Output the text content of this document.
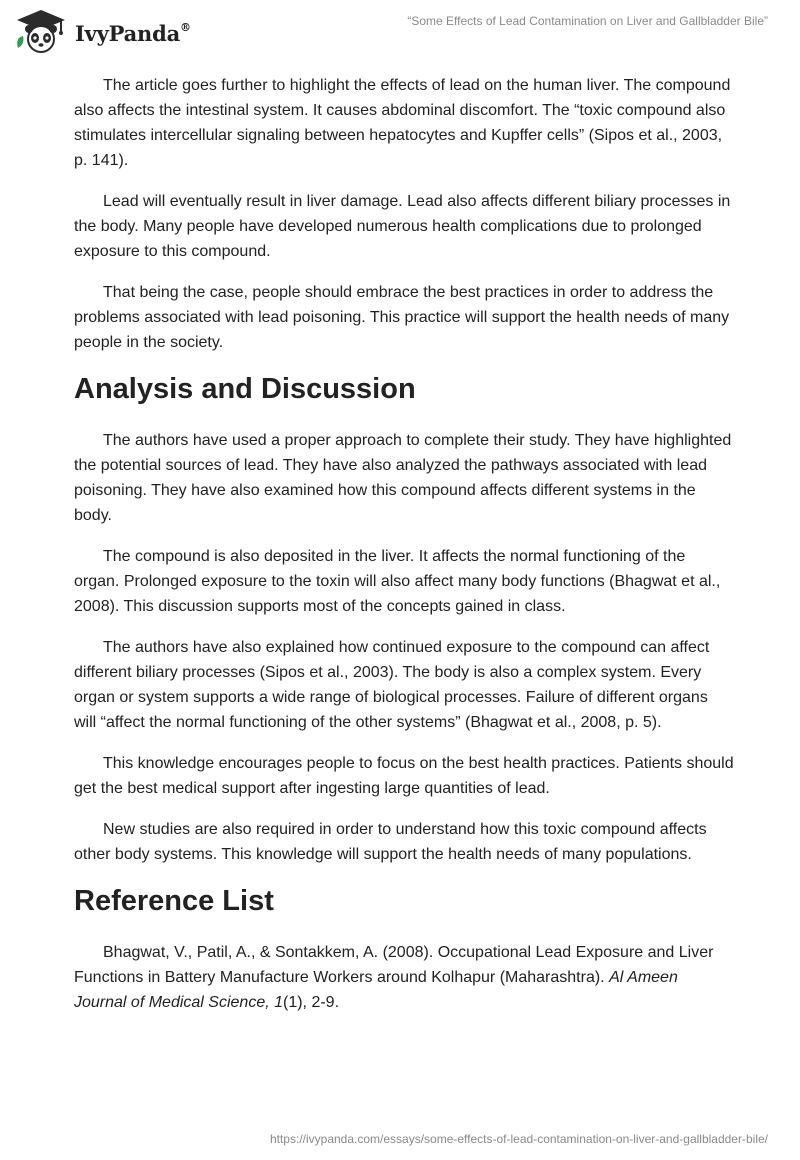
IvyPanda®	“Some Effects of Lead Contamination on Liver and Gallbladder Bile”

The article goes further to highlight the effects of lead on the human liver. The compound also affects the intestinal system. It causes abdominal discomfort. The “toxic compound also stimulates intercellular signaling between hepatocytes and Kupffer cells” (Sipos et al., 2003, p. 141).

Lead will eventually result in liver damage. Lead also affects different biliary processes in the body. Many people have developed numerous health complications due to prolonged exposure to this compound.

That being the case, people should embrace the best practices in order to address the problems associated with lead poisoning. This practice will support the health needs of many people in the society.

Analysis and Discussion

The authors have used a proper approach to complete their study. They have highlighted the potential sources of lead. They have also analyzed the pathways associated with lead poisoning. They have also examined how this compound affects different systems in the body.

The compound is also deposited in the liver. It affects the normal functioning of the organ. Prolonged exposure to the toxin will also affect many body functions (Bhagwat et al., 2008). This discussion supports most of the concepts gained in class.

The authors have also explained how continued exposure to the compound can affect different biliary processes (Sipos et al., 2003). The body is also a complex system. Every organ or system supports a wide range of biological processes. Failure of different organs will “affect the normal functioning of the other systems” (Bhagwat et al., 2008, p. 5).

This knowledge encourages people to focus on the best health practices. Patients should get the best medical support after ingesting large quantities of lead.

New studies are also required in order to understand how this toxic compound affects other body systems. This knowledge will support the health needs of many populations.

Reference List

Bhagwat, V., Patil, A., & Sontakkem, A. (2008). Occupational Lead Exposure and Liver Functions in Battery Manufacture Workers around Kolhapur (Maharashtra). Al Ameen Journal of Medical Science, 1(1), 2-9.

https://ivypanda.com/essays/some-effects-of-lead-contamination-on-liver-and-gallbladder-bile/
